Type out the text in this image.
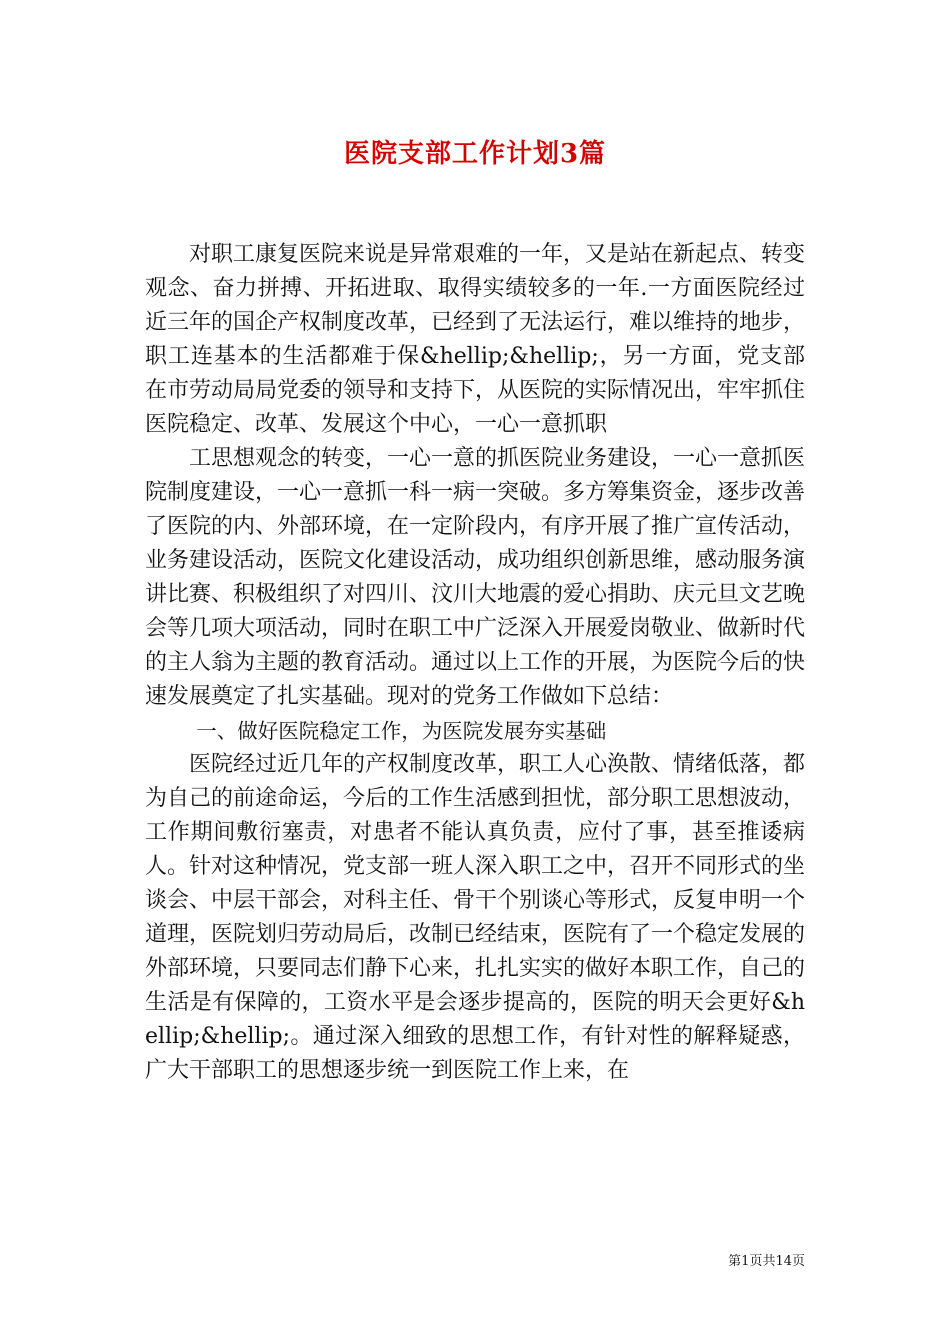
医院支部工作计划3篇

对职工康复医院来说是异常艰难的一年，又是站在新起点、转变观念、奋力拼搏、开拓进取、取得实绩较多的一年.一方面医院经过近三年的国企产权制度改革，已经到了无法运行，难以维持的地步，职工连基本的生活都难于保&hellip;&hellip;，另一方面，党支部在市劳动局局党委的领导和支持下，从医院的实际情况出，牢牢抓住医院稳定、改革、发展这个中心，一心一意抓职

工思想观念的转变，一心一意的抓医院业务建设，一心一意抓医院制度建设，一心一意抓一科一病一突破。多方筹集资金，逐步改善了医院的内、外部环境，在一定阶段内，有序开展了推广宣传活动，业务建设活动，医院文化建设活动，成功组织创新思维，感动服务演讲比赛、积极组织了对四川、汶川大地震的爱心捐助、庆元旦文艺晚会等几项大项活动，同时在职工中广泛深入开展爱岗敬业、做新时代的主人翁为主题的教育活动。通过以上工作的开展，为医院今后的快速发展奠定了扎实基础。现对的党务工作做如下总结：

一、做好医院稳定工作，为医院发展夯实基础

医院经过近几年的产权制度改革，职工人心涣散、情绪低落，都为自己的前途命运，今后的工作生活感到担忧，部分职工思想波动，工作期间敷衍塞责，对患者不能认真负责，应付了事，甚至推诿病人。针对这种情况，党支部一班人深入职工之中，召开不同形式的坐谈会、中层干部会，对科主任、骨干个别谈心等形式，反复申明一个道理，医院划归劳动局后，改制已经结束，医院有了一个稳定发展的外部环境，只要同志们静下心来，扎扎实实的做好本职工作，自己的生活是有保障的，工资水平是会逐步提高的，医院的明天会更好&hellip;&hellip;。通过深入细致的思想工作，有针对性的解释疑惑，广大干部职工的思想逐步统一到医院工作上来，在

第1页共14页
